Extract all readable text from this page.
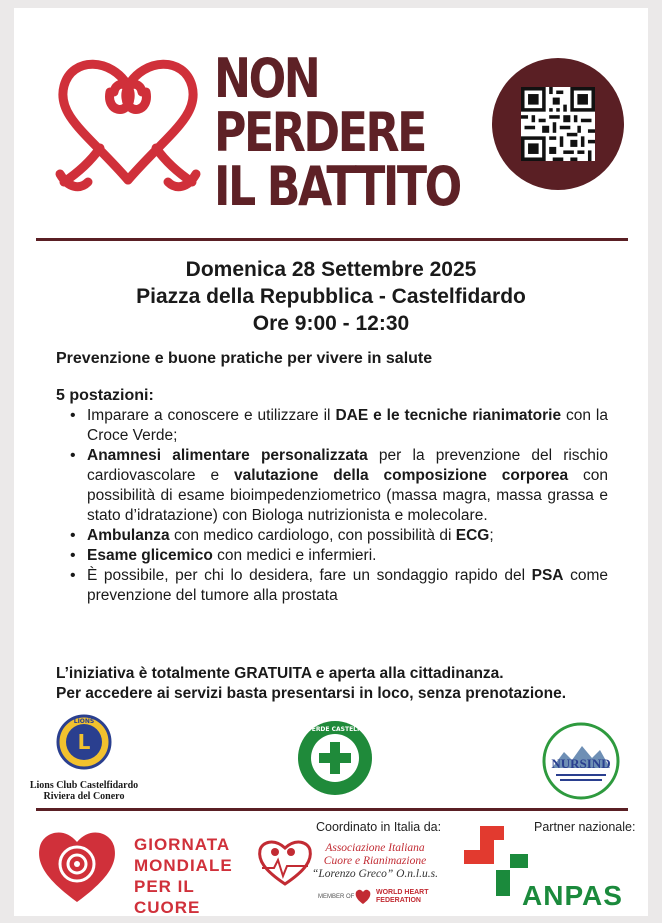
NON
PERDERE
IL BATTITO
Domenica 28 Settembre 2025
Piazza della Repubblica - Castelfidardo
Ore 9:00 - 12:30
Prevenzione e buone pratiche per vivere in salute
5 postazioni:
• Imparare a conoscere e utilizzare il DAE e le tecniche rianimatorie con la Croce Verde;
• Anamnesi alimentare personalizzata per la prevenzione del rischio cardiovascolare e valutazione della composizione corporea con possibilità di esame bioimpedenziometrico (massa magra, massa grassa e stato d’idratazione) con Biologa nutrizionista e molecolare.
• Ambulanza con medico cardiologo, con possibilità di ECG;
• Esame glicemico con medici e infermieri.
• È possibile, per chi lo desidera, fare un sondaggio rapido del PSA come prevenzione del tumore alla prostata
L’iniziativa è totalmente GRATUITA e aperta alla cittadinanza.
Per accedere ai servizi basta presentarsi in loco, senza prenotazione.
L
LIONS
Lions Club Castelfidardo
Riviera del Conero
CROCE VERDE CASTELFIDARDO
NURSIND
GIORNATA
MONDIALE
PER IL
CUORE
Coordinato in Italia da:
Associazione Italiana
Cuore e Rianimazione
“Lorenzo Greco” O.n.l.u.s.
MEMBER OF
WORLD HEART FEDERATION
Partner nazionale:
ANPAS
